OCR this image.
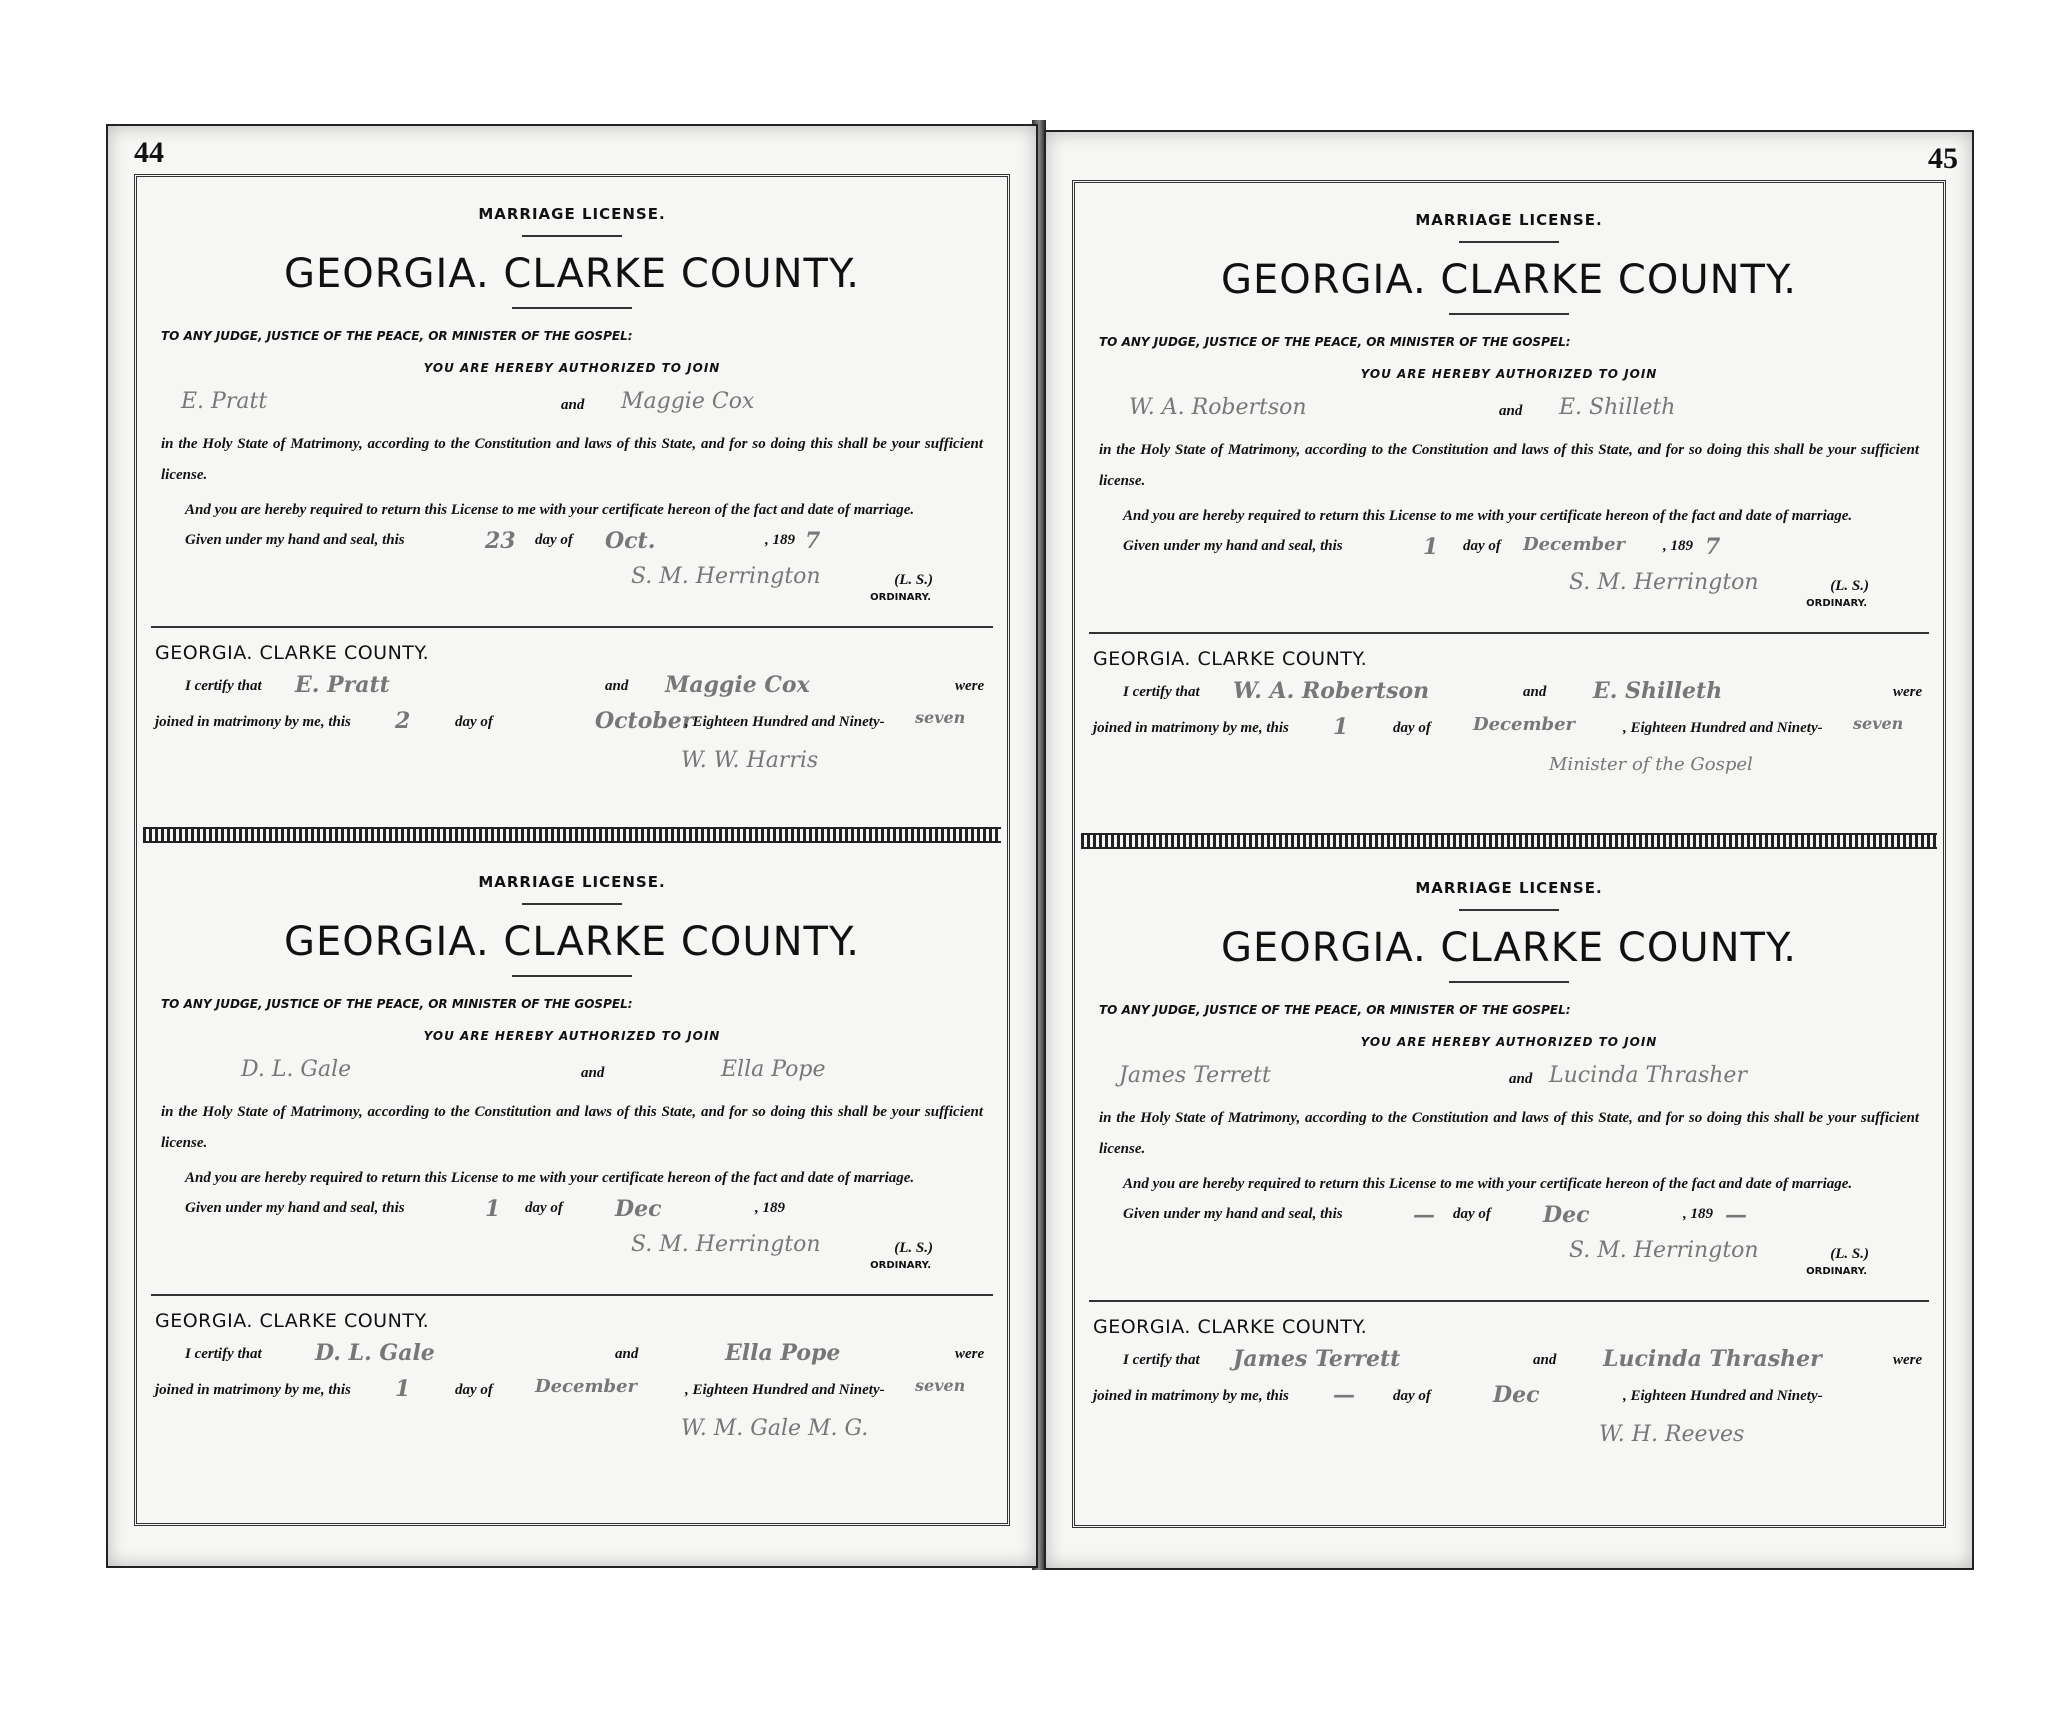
44
MARRIAGE LICENSE.
GEORGIA. CLARKE COUNTY.
TO ANY JUDGE, JUSTICE OF THE PEACE, OR MINISTER OF THE GOSPEL:
YOU ARE HEREBY AUTHORIZED TO JOIN
E. Pratt	and Maggie Cox
in the Holy State of Matrimony, according to the Constitution and laws of this State, and for so doing this shall be your sufficient license.
And you are hereby required to return this License to me with your certificate hereon of the fact and date of marriage.
Given under my hand and seal, this	23 day of Oct.	, 189 7
S. M. Herrington	(L. S.)
ORDINARY.
GEORGIA. CLARKE COUNTY.
I certify that E. Pratt	and Maggie Cox	were
joined in matrimony by me, this 2	day of	October
, Eighteen Hundred and Ninety- seven
W. W. Harris
MARRIAGE LICENSE.
GEORGIA. CLARKE COUNTY.
TO ANY JUDGE, JUSTICE OF THE PEACE, OR MINISTER OF THE GOSPEL:
YOU ARE HEREBY AUTHORIZED TO JOIN
D. L. Gale	and	Ella Pope
in the Holy State of Matrimony, according to the Constitution and laws of this State, and for so doing this shall be your sufficient license.
And you are hereby required to return this License to me with your certificate hereon of the fact and date of marriage.
Given under my hand and seal, this	1 day of Dec	, 189
S. M. Herrington	(L. S.)
ORDINARY.
GEORGIA. CLARKE COUNTY.
I certify that D. L. Gale	and	Ella Pope	were
joined in matrimony by me, this 1	day of December	, Eighteen Hundred and Ninety- seven
W. M. Gale M. G.
45
MARRIAGE LICENSE.
GEORGIA. CLARKE COUNTY.
TO ANY JUDGE, JUSTICE OF THE PEACE, OR MINISTER OF THE GOSPEL:
YOU ARE HEREBY AUTHORIZED TO JOIN
W. A. Robertson	and E. Shilleth
in the Holy State of Matrimony, according to the Constitution and laws of this State, and for so doing this shall be your sufficient license.
And you are hereby required to return this License to me with your certificate hereon of the fact and date of marriage.
Given under my hand and seal, this	1 day of December	, 189 7
S. M. Herrington	(L. S.)
ORDINARY.
GEORGIA. CLARKE COUNTY.
I certify that W. A. Robertson	and E. Shilleth	were
joined in matrimony by me, this 1	day of December	, Eighteen Hundred and Ninety- seven
Minister of the Gospel
MARRIAGE LICENSE.
GEORGIA. CLARKE COUNTY.
TO ANY JUDGE, JUSTICE OF THE PEACE, OR MINISTER OF THE GOSPEL:
YOU ARE HEREBY AUTHORIZED TO JOIN
James Terrett	and Lucinda Thrasher
in the Holy State of Matrimony, according to the Constitution and laws of this State, and for so doing this shall be your sufficient license.
And you are hereby required to return this License to me with your certificate hereon of the fact and date of marriage.
Given under my hand and seal, this	— day of Dec	, 189 —
S. M. Herrington	(L. S.)
ORDINARY.
GEORGIA. CLARKE COUNTY.
I certify that James Terrett	and Lucinda Thrasher	were
joined in matrimony by me, this —	day of	Dec	, Eighteen Hundred and Ninety-
W. H. Reeves
